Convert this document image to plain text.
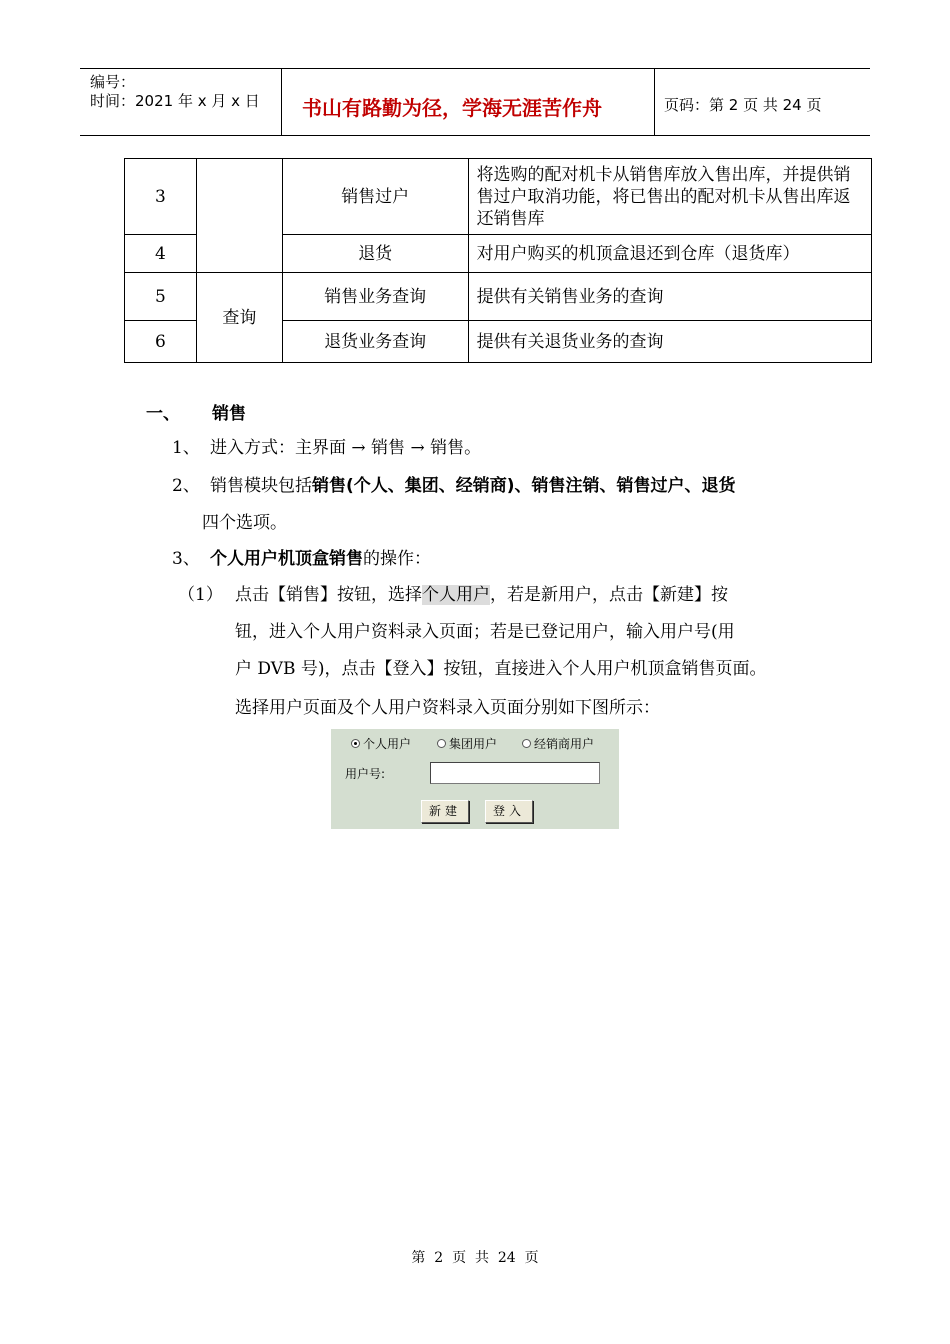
编号：
时间：2021 年 x 月 x 日 书山有路勤为径，学海无涯苦作舟	页码：第 2 页 共 24 页
3		销售过户	将选购的配对机卡从销售库放入售出库，并提供销售过户取消功能，将已售出的配对机卡从售出库返还销售库
4		退货	对用户购买的机顶盒退还到仓库（退货库）
5	查询	销售业务查询	提供有关销售业务的查询
6		退货业务查询	提供有关退货业务的查询
一、 销售
1、 进入方式：主界面 → 销售 → 销售。
2、 销售模块包括销售(个人、集团、经销商)、销售注销、销售过户、退货
四个选项。
3、 个人用户机顶盒销售的操作：
（1） 点击【销售】按钮，选择个人用户，若是新用户，点击【新建】按
钮，进入个人用户资料录入页面；若是已登记用户，输入用户号(用
户 DVB 号)，点击【登入】按钮，直接进入个人用户机顶盒销售页面。
选择用户页面及个人用户资料录入页面分别如下图所示：
个人用户	集团用户	经销商用户
用户号:
新建	登入
第  2  页  共  24  页
